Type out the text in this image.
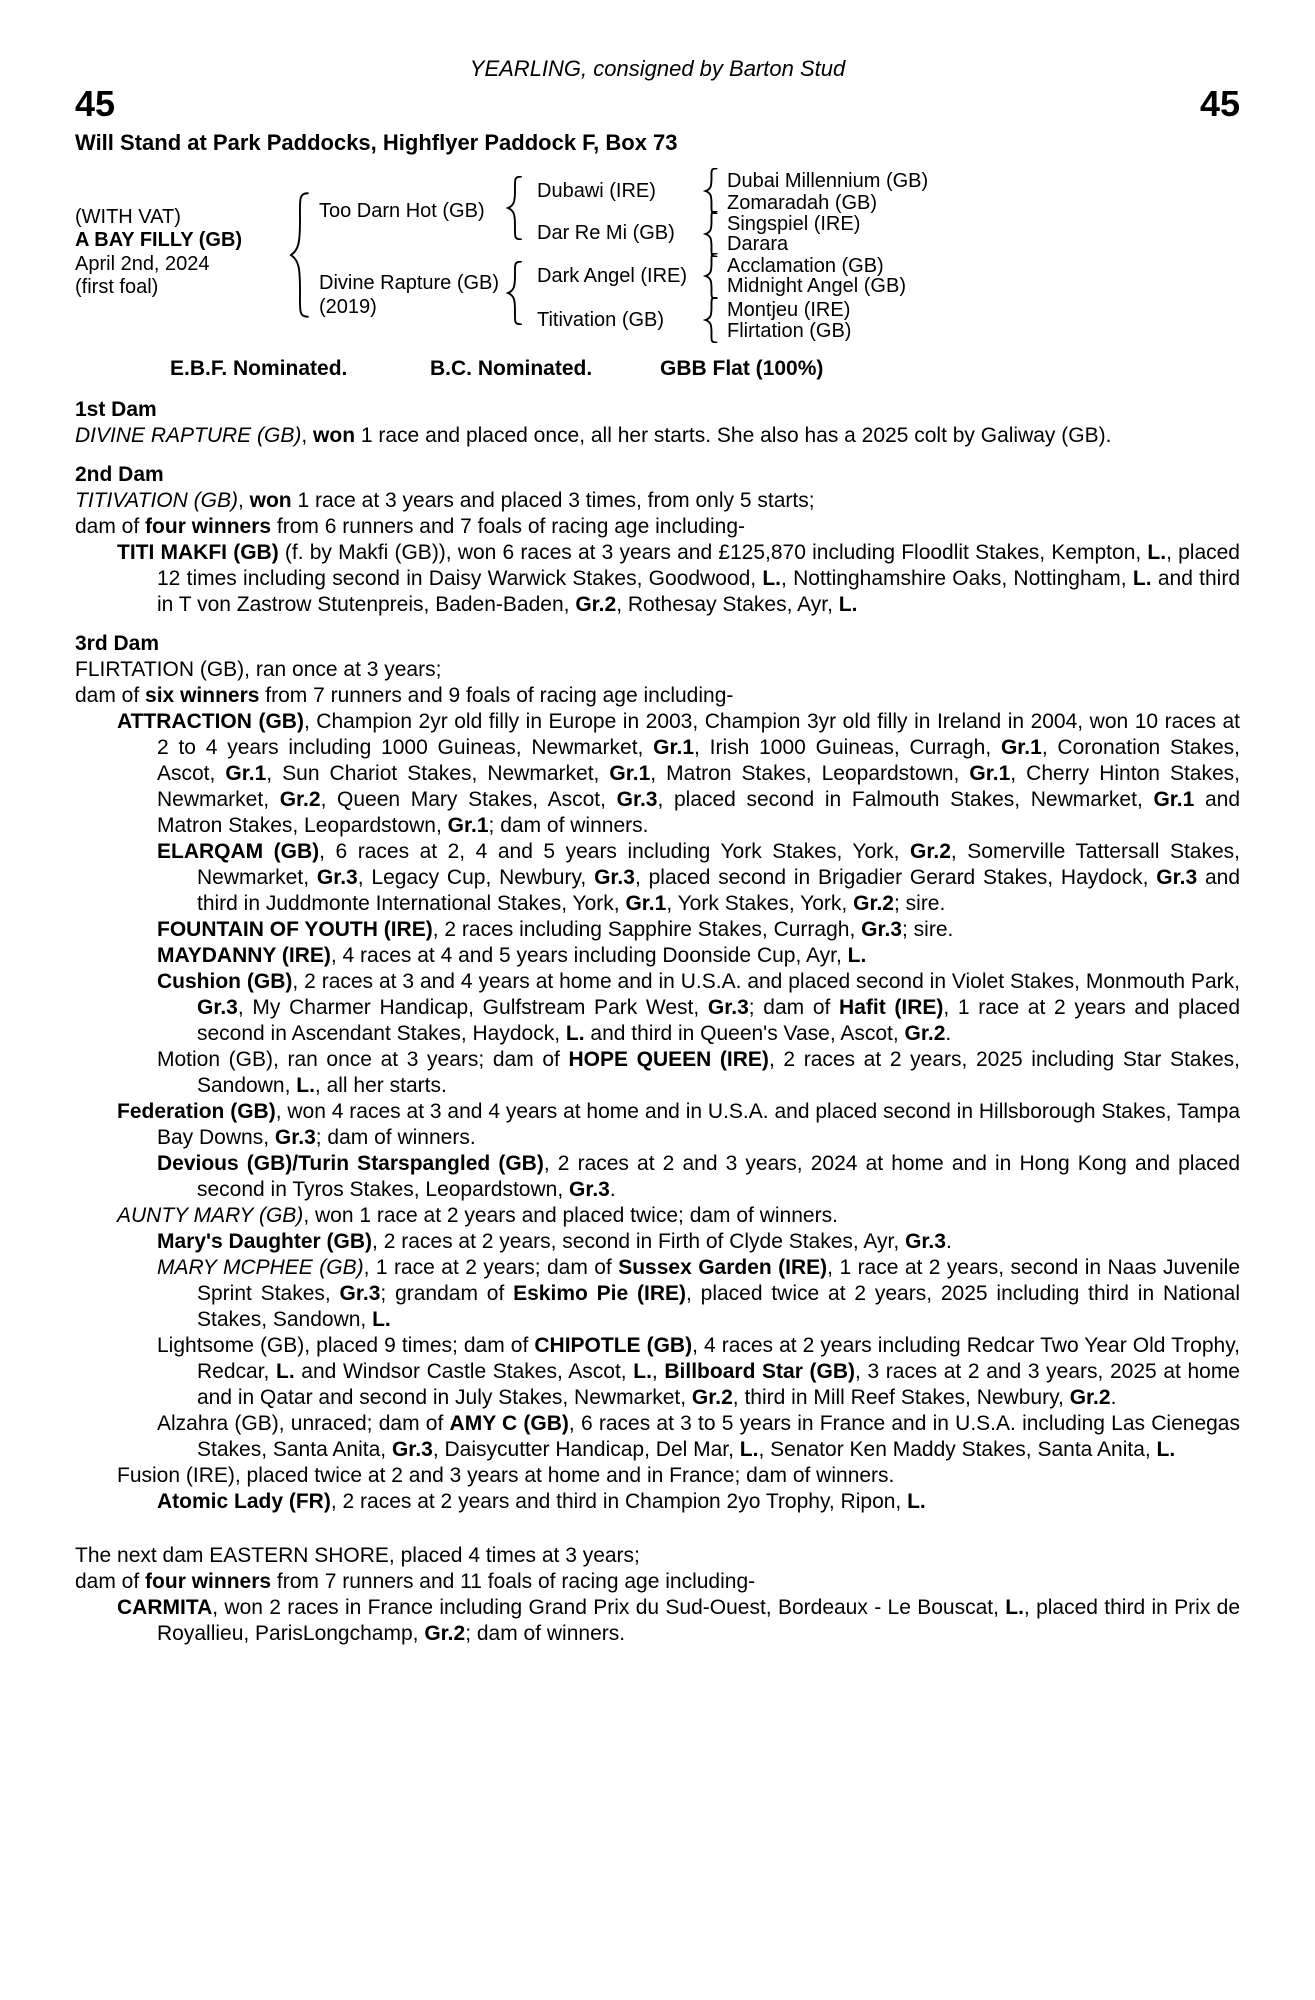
YEARLING, consigned by Barton Stud
45	45
Will Stand at Park Paddocks, Highflyer Paddock F, Box 73
(WITH VAT)
A BAY FILLY (GB)
April 2nd, 2024
(first foal)
Too Darn Hot (GB)
Divine Rapture (GB)
(2019)
Dubawi (IRE)
Dar Re Mi (GB)
Dark Angel (IRE)
Titivation (GB)
Dubai Millennium (GB)
Zomaradah (GB)
Singspiel (IRE)
Darara
Acclamation (GB)
Midnight Angel (GB)
Montjeu (IRE)
Flirtation (GB)
E.B.F. Nominated.	B.C. Nominated.	GBB Flat (100%)
1st Dam
DIVINE RAPTURE (GB), won 1 race and placed once, all her starts. She also has a 2025 colt by Galiway (GB).
2nd Dam
TITIVATION (GB), won 1 race at 3 years and placed 3 times, from only 5 starts;
dam of four winners from 6 runners and 7 foals of racing age including-
TITI MAKFI (GB) (f. by Makfi (GB)), won 6 races at 3 years and £125,870 including Floodlit Stakes, Kempton, L., placed 12 times including second in Daisy Warwick Stakes, Goodwood, L., Nottinghamshire Oaks, Nottingham, L. and third in T von Zastrow Stutenpreis, Baden-Baden, Gr.2, Rothesay Stakes, Ayr, L.
3rd Dam
FLIRTATION (GB), ran once at 3 years;
dam of six winners from 7 runners and 9 foals of racing age including-
ATTRACTION (GB), Champion 2yr old filly in Europe in 2003, Champion 3yr old filly in Ireland in 2004, won 10 races at 2 to 4 years including 1000 Guineas, Newmarket, Gr.1, Irish 1000 Guineas, Curragh, Gr.1, Coronation Stakes, Ascot, Gr.1, Sun Chariot Stakes, Newmarket, Gr.1, Matron Stakes, Leopardstown, Gr.1, Cherry Hinton Stakes, Newmarket, Gr.2, Queen Mary Stakes, Ascot, Gr.3, placed second in Falmouth Stakes, Newmarket, Gr.1 and Matron Stakes, Leopardstown, Gr.1; dam of winners.
ELARQAM (GB), 6 races at 2, 4 and 5 years including York Stakes, York, Gr.2, Somerville Tattersall Stakes, Newmarket, Gr.3, Legacy Cup, Newbury, Gr.3, placed second in Brigadier Gerard Stakes, Haydock, Gr.3 and third in Juddmonte International Stakes, York, Gr.1, York Stakes, York, Gr.2; sire.
FOUNTAIN OF YOUTH (IRE), 2 races including Sapphire Stakes, Curragh, Gr.3; sire.
MAYDANNY (IRE), 4 races at 4 and 5 years including Doonside Cup, Ayr, L.
Cushion (GB), 2 races at 3 and 4 years at home and in U.S.A. and placed second in Violet Stakes, Monmouth Park, Gr.3, My Charmer Handicap, Gulfstream Park West, Gr.3; dam of Hafit (IRE), 1 race at 2 years and placed second in Ascendant Stakes, Haydock, L. and third in Queen's Vase, Ascot, Gr.2.
Motion (GB), ran once at 3 years; dam of HOPE QUEEN (IRE), 2 races at 2 years, 2025 including Star Stakes, Sandown, L., all her starts.
Federation (GB), won 4 races at 3 and 4 years at home and in U.S.A. and placed second in Hillsborough Stakes, Tampa Bay Downs, Gr.3; dam of winners.
Devious (GB)/Turin Starspangled (GB), 2 races at 2 and 3 years, 2024 at home and in Hong Kong and placed second in Tyros Stakes, Leopardstown, Gr.3.
AUNTY MARY (GB), won 1 race at 2 years and placed twice; dam of winners.
Mary's Daughter (GB), 2 races at 2 years, second in Firth of Clyde Stakes, Ayr, Gr.3.
MARY MCPHEE (GB), 1 race at 2 years; dam of Sussex Garden (IRE), 1 race at 2 years, second in Naas Juvenile Sprint Stakes, Gr.3; grandam of Eskimo Pie (IRE), placed twice at 2 years, 2025 including third in National Stakes, Sandown, L.
Lightsome (GB), placed 9 times; dam of CHIPOTLE (GB), 4 races at 2 years including Redcar Two Year Old Trophy, Redcar, L. and Windsor Castle Stakes, Ascot, L., Billboard Star (GB), 3 races at 2 and 3 years, 2025 at home and in Qatar and second in July Stakes, Newmarket, Gr.2, third in Mill Reef Stakes, Newbury, Gr.2.
Alzahra (GB), unraced; dam of AMY C (GB), 6 races at 3 to 5 years in France and in U.S.A. including Las Cienegas Stakes, Santa Anita, Gr.3, Daisycutter Handicap, Del Mar, L., Senator Ken Maddy Stakes, Santa Anita, L.
Fusion (IRE), placed twice at 2 and 3 years at home and in France; dam of winners.
Atomic Lady (FR), 2 races at 2 years and third in Champion 2yo Trophy, Ripon, L.
The next dam EASTERN SHORE, placed 4 times at 3 years;
dam of four winners from 7 runners and 11 foals of racing age including-
CARMITA, won 2 races in France including Grand Prix du Sud-Ouest, Bordeaux - Le Bouscat, L., placed third in Prix de Royallieu, ParisLongchamp, Gr.2; dam of winners.
